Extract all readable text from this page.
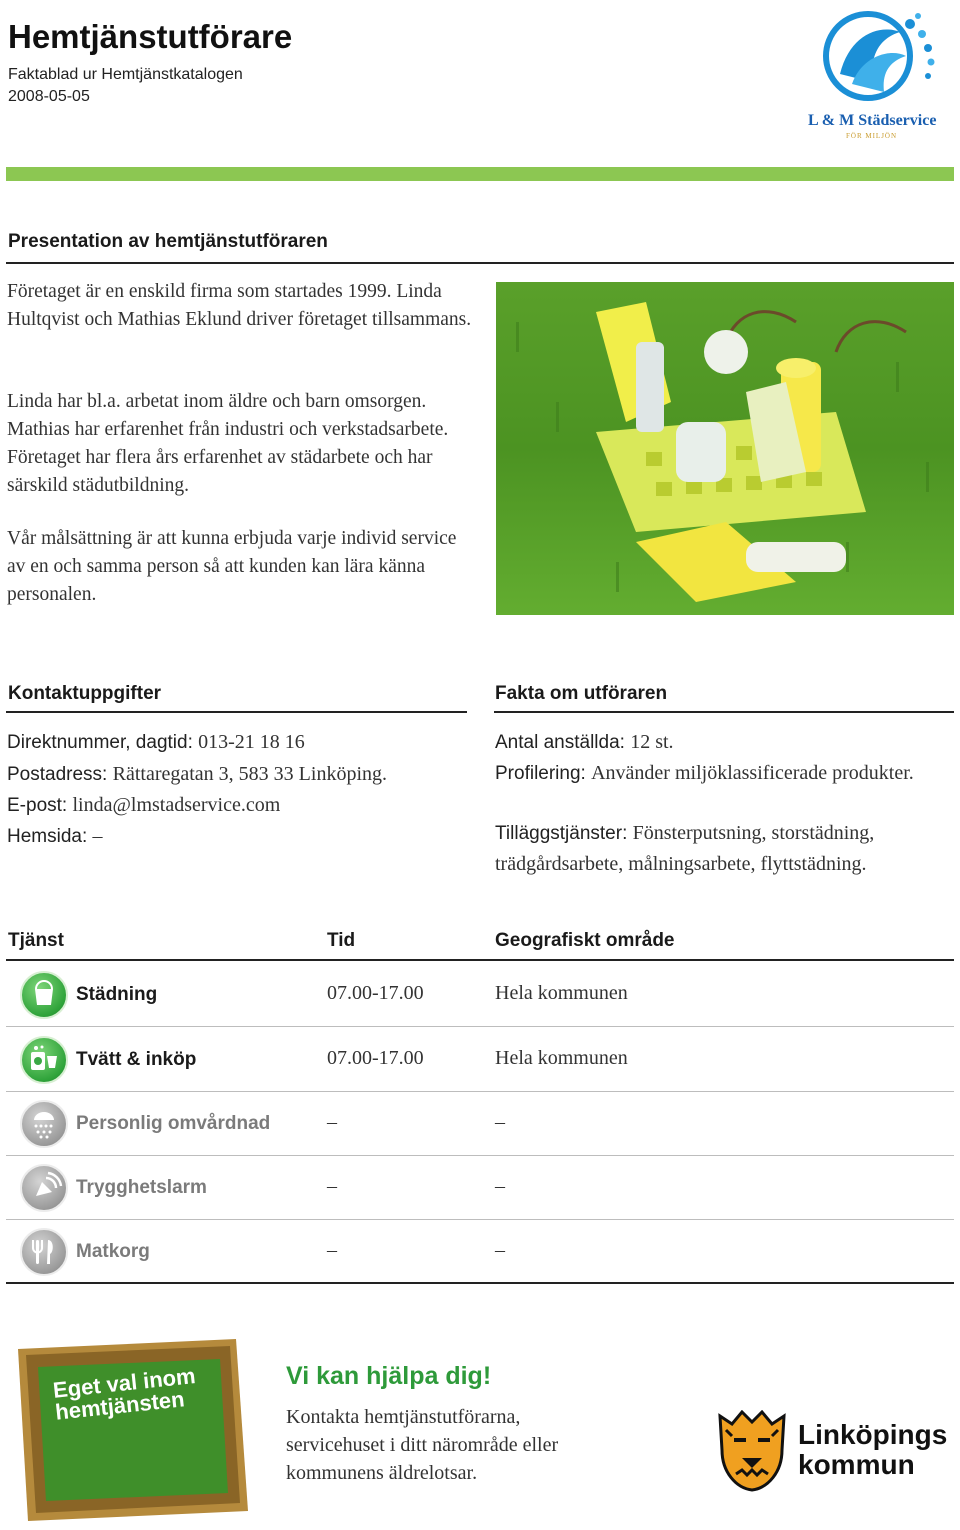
Hemtjänstutförare
Faktablad ur Hemtjänstkatalogen
2008-05-05
L & M Städservice
FÖR MILJÖN
Presentation av hemtjänstutföraren
Företaget är en enskild firma som startades 1999. Linda Hultqvist och Mathias Eklund driver företaget tillsammans.
Linda har bl.a. arbetat inom äldre och barn omsorgen. Mathias har erfarenhet från industri och verkstadsarbete. Företaget har flera års erfarenhet av städarbete och har särskild städutbildning.
Vår målsättning är att kunna erbjuda varje individ service av en och samma person så att kunden kan lära känna personalen.
Kontaktuppgifter	Fakta om utföraren
Direktnummer, dagtid: 013-21 18 16
Postadress: Rättaregatan 3, 583 33 Linköping.
E-post: linda@lmstadservice.com
Hemsida: –
Antal anställda: 12 st.
Profilering: Använder miljöklassificerade produkter.
Tilläggstjänster: Fönsterputsning, storstädning, trädgårdsarbete, målningsarbete, flyttstädning.
Tjänst	Tid	Geografiskt område
Städning	07.00-17.00	Hela kommunen
Tvätt & inköp	07.00-17.00	Hela kommunen
Personlig omvårdnad	–	–
Trygghetslarm	–	–
Matkorg	–	–
Eget val inom hemtjänsten
Vi kan hjälpa dig!
Kontakta hemtjänstutförarna, servicehuset i ditt närområde eller kommunens äldrelotsar.
Linköpings
kommun
